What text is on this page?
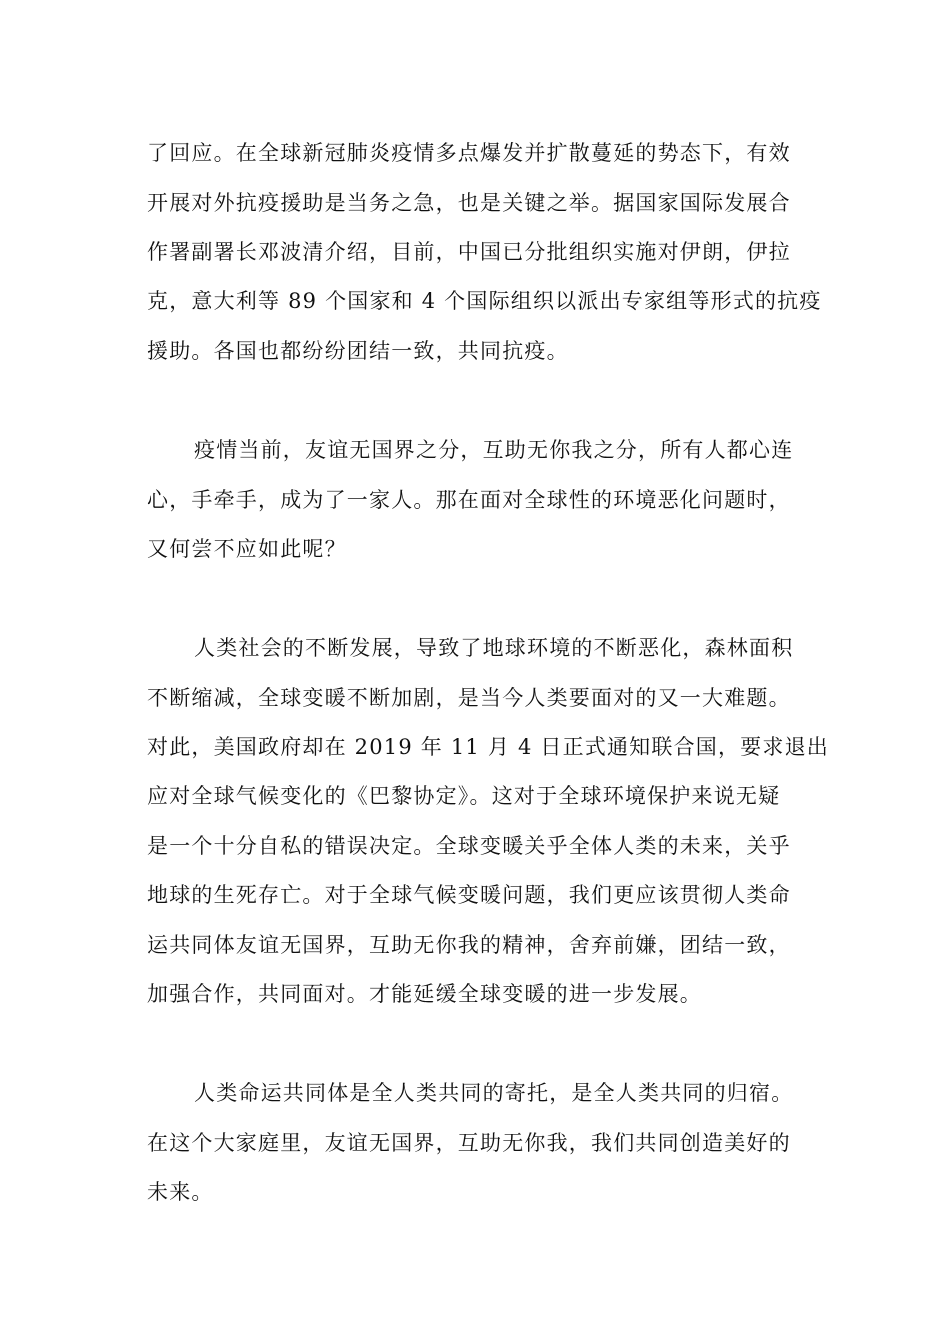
了回应。在全球新冠肺炎疫情多点爆发并扩散蔓延的势态下，有效
开展对外抗疫援助是当务之急，也是关键之举。据国家国际发展合
作署副署长邓波清介绍，目前，中国已分批组织实施对伊朗，伊拉
克，意大利等 89 个国家和 4 个国际组织以派出专家组等形式的抗疫
援助。各国也都纷纷团结一致，共同抗疫。
疫情当前，友谊无国界之分，互助无你我之分，所有人都心连
心，手牵手，成为了一家人。那在面对全球性的环境恶化问题时，
又何尝不应如此呢？
人类社会的不断发展，导致了地球环境的不断恶化，森林面积
不断缩减，全球变暖不断加剧，是当今人类要面对的又一大难题。
对此，美国政府却在 2019 年 11 月 4 日正式通知联合国，要求退出
应对全球气候变化的《巴黎协定》。这对于全球环境保护来说无疑
是一个十分自私的错误决定。全球变暖关乎全体人类的未来，关乎
地球的生死存亡。对于全球气候变暖问题，我们更应该贯彻人类命
运共同体友谊无国界，互助无你我的精神，舍弃前嫌，团结一致，
加强合作，共同面对。才能延缓全球变暖的进一步发展。
人类命运共同体是全人类共同的寄托，是全人类共同的归宿。
在这个大家庭里，友谊无国界，互助无你我，我们共同创造美好的
未来。
